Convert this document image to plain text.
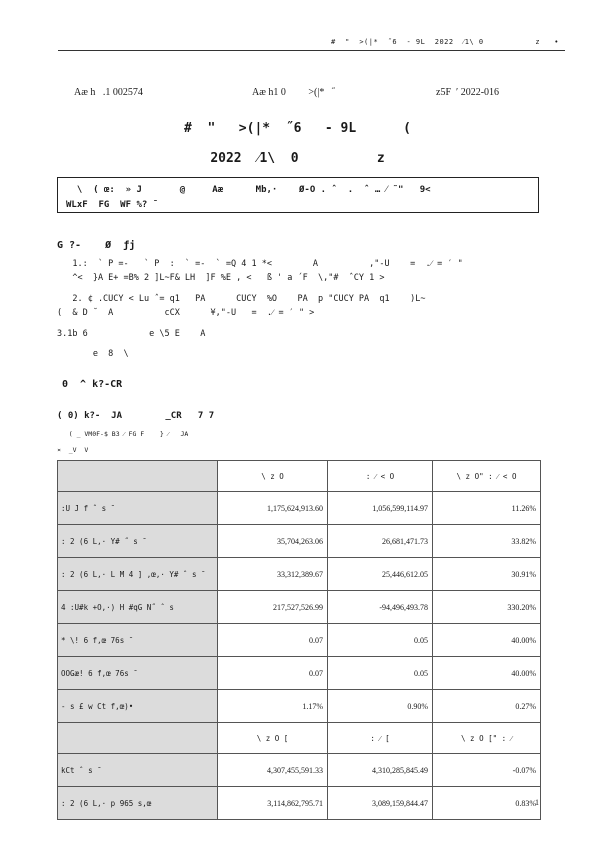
#  "  >(|*  ˝6  - 9L  2022  ⁄1\ 0           z   •
Aæ h   .1 002574	Aæ h1 0         >(|*   ˝	z5F  ′ 2022-016
#  "   >(|*  ˝6   - 9L      (
2022  ⁄1\  0          z
\  ( œ:  » J       @     Aæ      Mb,·    Ø-O . ˆ  .  ˆ … ⁄ ˜"   9<
WLxF  FG  WF %? ˉ
G ?-    Ø  ƒj
1.:  ` P =-   ` P  :  ` =-  ` =Q 4 1 *<        A          ,"-U    =  .⁄ = ′ "
^<  }A E+ =B% 2 ]L~F& LH  ]F %E , <   ß ' a ´F  \,"#  ˆCY 1 >
2. ¢ .CUCY < Lu ˆ= q1   PA      CUCY  %O    PA  p "CUCY PA  q1    )L~
(  & D ˘  A          cCX      ¥,"-U   =  .⁄ = ′ " >
3.1b 6            e \5 E    A
e  8  \
0  ^ k?-CR
( 0) k?-  JA        _CR   7 7
( _ VM0F-$ B3 ⁄ FG F    } ⁄   JA
¤  _V  V
	\ z O	: ⁄ < O	\ z O" : ⁄ < O
:U J f ˆ s ˉ	1,175,624,913.60	1,056,599,114.97	11.26%
: 2 (6 L,· Y# ˝ s ˉ	35,704,263.06	26,681,471.73	33.82%
: 2 (6 L,· L M 4 ] ,œ,· Y# ˆ s ˉ	33,312,389.67	25,446,612.05	30.91%
4 :U#k +O,·) H #qG N˝ ˆ s	217,527,526.99	-94,496,493.78	330.20%
* \! 6 f,œ 76s ˉ	0.07	0.05	40.00%
OOGæ! 6 f,œ 76s ˉ	0.07	0.05	40.00%
- s £ w Ct f,œ)•	1.17%	0.90%	0.27%
	\ z O [	: ⁄ [	\ z O [" : ⁄
kCt ˆ s ˉ	4,307,455,591.33	4,310,285,845.49	-0.07%
: 2 (6 L,· p 965 s,œ	3,114,862,795.71	3,089,159,844.47	0.83% 1
